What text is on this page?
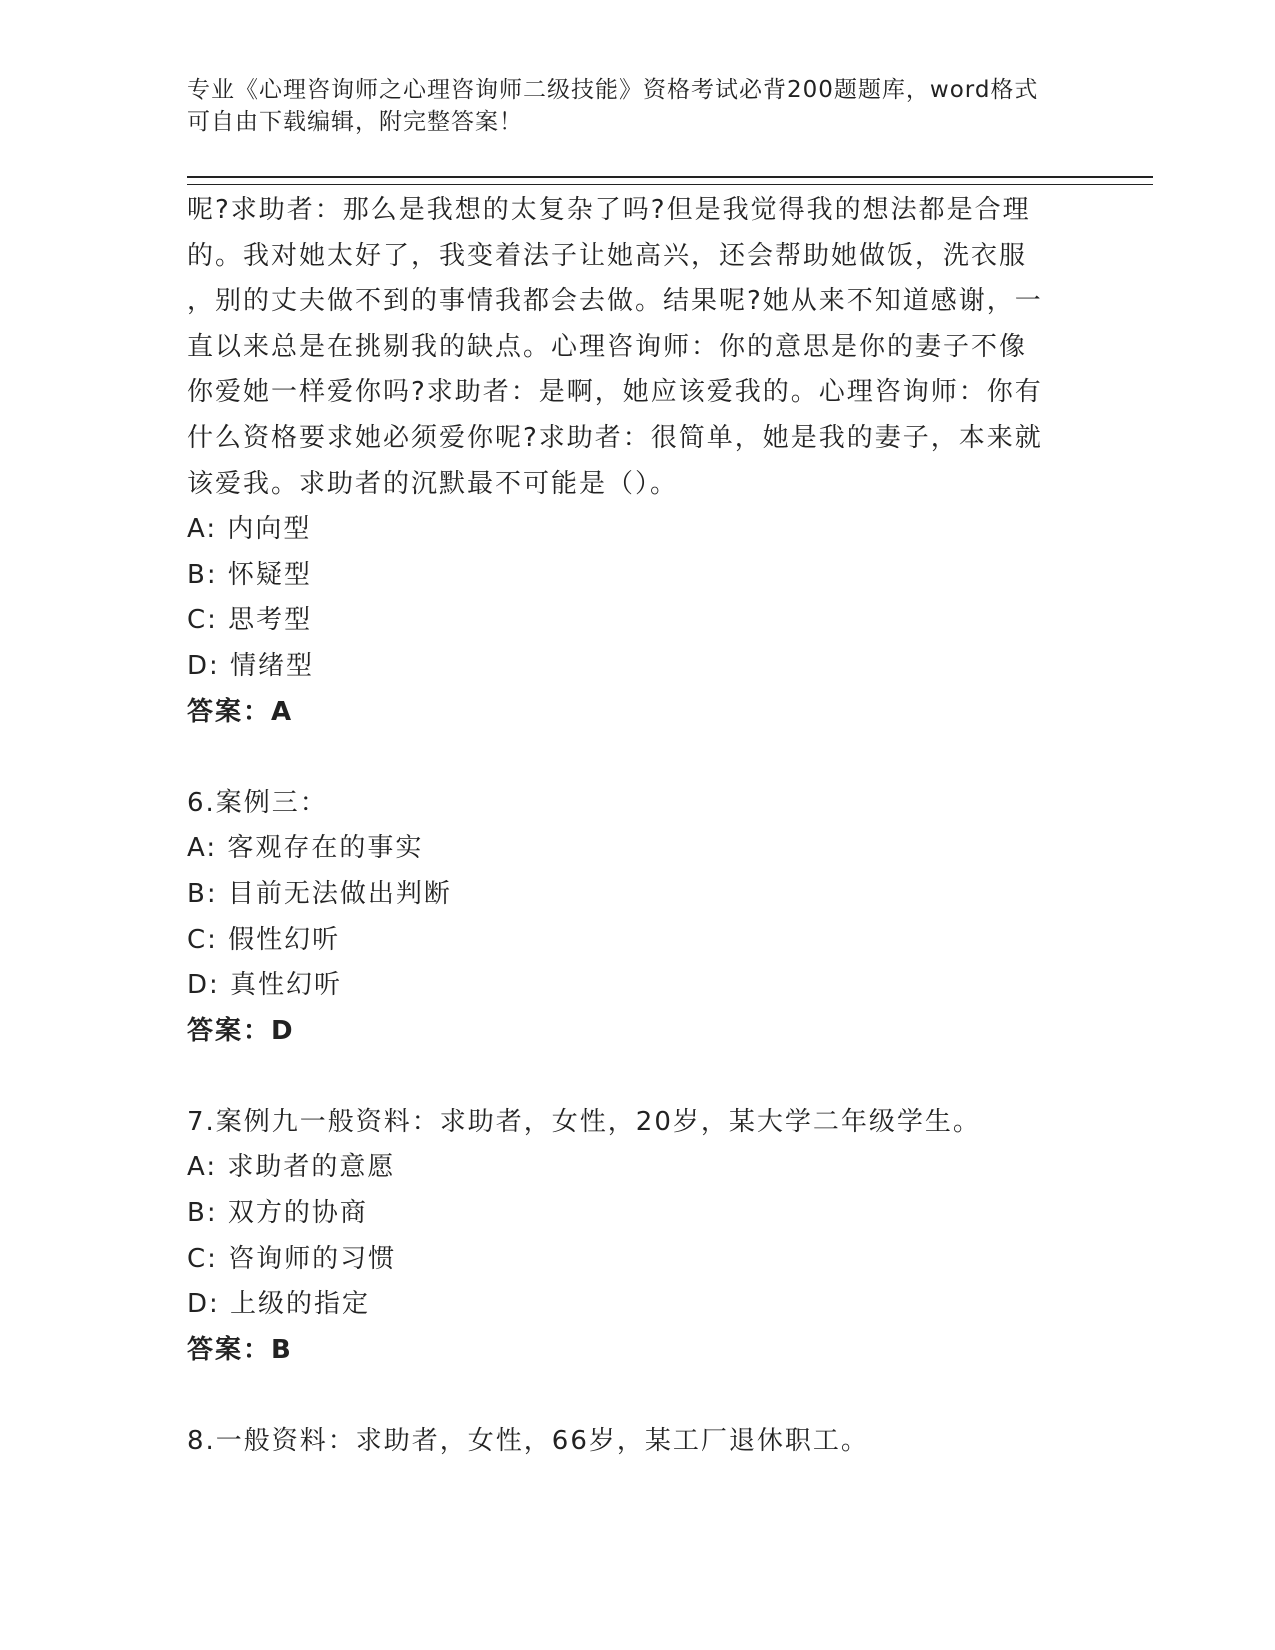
专业《心理咨询师之心理咨询师二级技能》资格考试必背200题题库，word格式
可自由下载编辑，附完整答案！
呢?求助者：那么是我想的太复杂了吗?但是我觉得我的想法都是合理
的。我对她太好了，我变着法子让她高兴，还会帮助她做饭，洗衣服
，别的丈夫做不到的事情我都会去做。结果呢?她从来不知道感谢，一
直以来总是在挑剔我的缺点。心理咨询师：你的意思是你的妻子不像
你爱她一样爱你吗?求助者：是啊，她应该爱我的。心理咨询师：你有
什么资格要求她必须爱你呢?求助者：很简单，她是我的妻子，本来就
该爱我。求助者的沉默最不可能是（）。
A: 内向型
B: 怀疑型
C: 思考型
D: 情绪型
答案：A
6.案例三：
A: 客观存在的事实
B: 目前无法做出判断
C: 假性幻听
D: 真性幻听
答案：D
7.案例九一般资料：求助者，女性，20岁，某大学二年级学生。
A: 求助者的意愿
B: 双方的协商
C: 咨询师的习惯
D: 上级的指定
答案：B
8.一般资料：求助者，女性，66岁，某工厂退休职工。
